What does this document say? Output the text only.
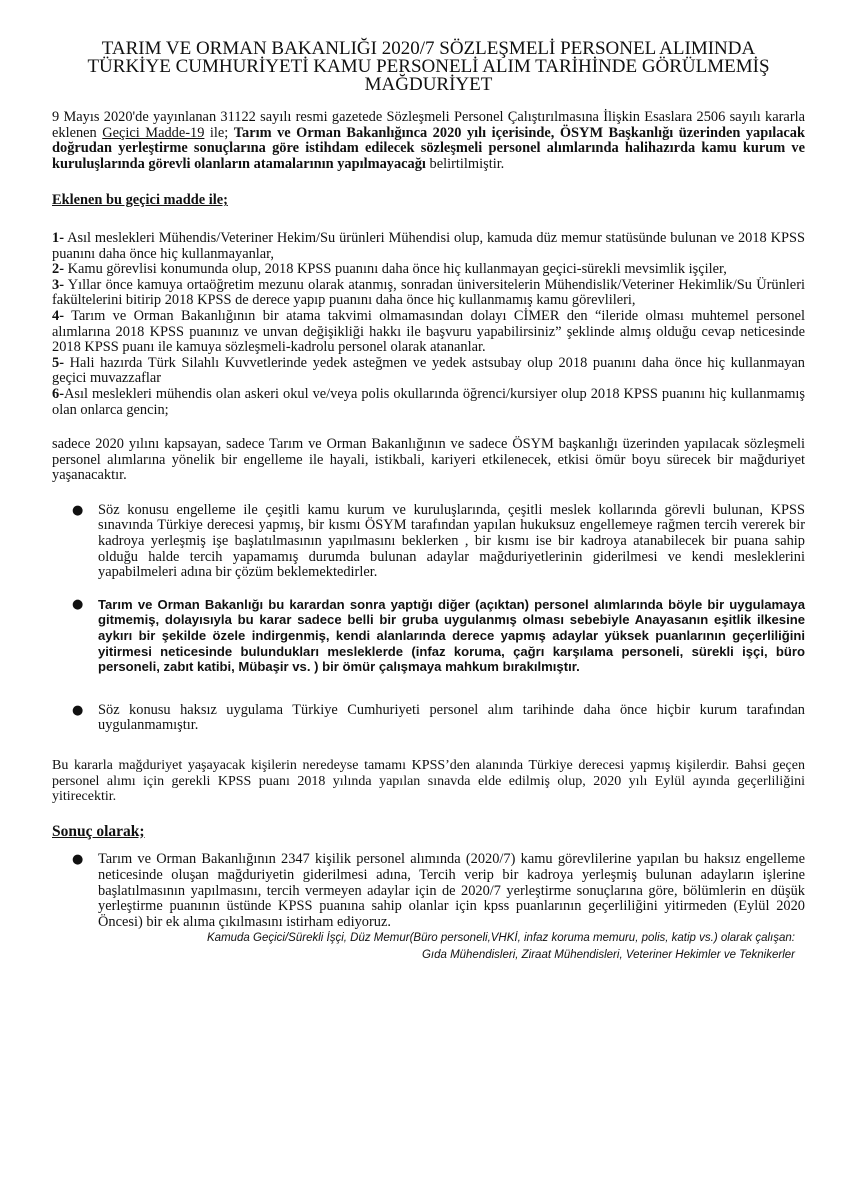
TARIM VE ORMAN BAKANLIĞI 2020/7 SÖZLEŞMELİ PERSONEL ALIMINDA
TÜRKİYE CUMHURİYETİ KAMU PERSONELİ ALIM TARİHİNDE GÖRÜLMEMİŞ
MAĞDURİYET

9 Mayıs 2020'de yayınlanan 31122 sayılı resmi gazetede Sözleşmeli Personel Çalıştırılmasına İlişkin Esaslara 2506 sayılı kararla eklenen Geçici Madde-19 ile; Tarım ve Orman Bakanlığınca 2020 yılı içerisinde, ÖSYM Başkanlığı üzerinden yapılacak doğrudan yerleştirme sonuçlarına göre istihdam edilecek sözleşmeli personel alımlarında halihazırda kamu kurum ve kuruluşlarında görevli olanların atamalarının yapılmayacağı belirtilmiştir.

Eklenen bu geçici madde ile;

1- Asıl meslekleri Mühendis/Veteriner Hekim/Su ürünleri Mühendisi olup, kamuda düz memur statüsünde bulunan ve 2018 KPSS puanını daha önce hiç kullanmayanlar,

2- Kamu görevlisi konumunda olup, 2018 KPSS puanını daha önce hiç kullanmayan geçici-sürekli mevsimlik işçiler,

3- Yıllar önce kamuya ortaöğretim mezunu olarak atanmış, sonradan üniversitelerin Mühendislik/Veteriner Hekimlik/Su Ürünleri fakültelerini bitirip 2018 KPSS de derece yapıp puanını daha önce hiç kullanmamış kamu görevlileri,

4- Tarım ve Orman Bakanlığının bir atama takvimi olmamasından dolayı CİMER den “ileride olması muhtemel personel alımlarına 2018 KPSS puanınız ve unvan değişikliği hakkı ile başvuru yapabilirsiniz” şeklinde almış olduğu cevap neticesinde 2018 KPSS puanı ile kamuya sözleşmeli-kadrolu personel olarak atananlar.

5- Hali hazırda Türk Silahlı Kuvvetlerinde yedek asteğmen ve yedek astsubay olup 2018 puanını daha önce hiç kullanmayan geçici muvazzaflar

6-Asıl meslekleri mühendis olan askeri okul ve/veya polis okullarında öğrenci/kursiyer olup 2018 KPSS puanını hiç kullanmamış olan onlarca gencin;

sadece 2020 yılını kapsayan, sadece Tarım ve Orman Bakanlığının ve sadece ÖSYM başkanlığı üzerinden yapılacak sözleşmeli personel alımlarına yönelik bir engelleme ile hayali, istikbali, kariyeri etkilenecek, etkisi ömür boyu sürecek bir mağduriyet yaşanacaktır.

● Söz konusu engelleme ile çeşitli kamu kurum ve kuruluşlarında, çeşitli meslek kollarında görevli bulunan, KPSS sınavında Türkiye derecesi yapmış, bir kısmı ÖSYM tarafından yapılan hukuksuz engellemeye rağmen tercih vererek bir kadroya yerleşmiş işe başlatılmasının yapılmasını beklerken , bir kısmı ise bir kadroya atanabilecek bir puana sahip olduğu halde tercih yapamamış durumda bulunan adaylar mağduriyetlerinin giderilmesi ve kendi mesleklerini yapabilmeleri adına bir çözüm beklemektedirler.
● Tarım ve Orman Bakanlığı bu karardan sonra yaptığı diğer (açıktan) personel alımlarında böyle bir uygulamaya gitmemiş, dolayısıyla bu karar sadece belli bir gruba uygulanmış olması sebebiyle Anayasanın eşitlik ilkesine aykırı bir şekilde özele indirgenmiş, kendi alanlarında derece yapmış adaylar yüksek puanlarının geçerliliğini yitirmesi neticesinde bulundukları mesleklerde (infaz koruma, çağrı karşılama personeli, sürekli işçi, büro personeli, zabıt katibi, Mübaşir vs. ) bir ömür çalışmaya mahkum bırakılmıştır.
● Söz konusu haksız uygulama Türkiye Cumhuriyeti personel alım tarihinde daha önce hiçbir kurum tarafından uygulanmamıştır.

Bu kararla mağduriyet yaşayacak kişilerin neredeyse tamamı KPSS’den alanında Türkiye derecesi yapmış kişilerdir. Bahsi geçen personel alımı için gerekli KPSS puanı 2018 yılında yapılan sınavda elde edilmiş olup, 2020 yılı Eylül ayında geçerliliğini yitirecektir.

Sonuç olarak;

● Tarım ve Orman Bakanlığının 2347 kişilik personel alımında (2020/7) kamu görevlilerine yapılan bu haksız engelleme neticesinde oluşan mağduriyetin giderilmesi adına, Tercih verip bir kadroya yerleşmiş bulunan adayların işlerine başlatılmasının yapılmasını, tercih vermeyen adaylar için de 2020/7 yerleştirme sonuçlarına göre, bölümlerin en düşük yerleştirme puanının üstünde KPSS puanına sahip olanlar için kpss puanlarının geçerliliğini yitirmeden (Eylül 2020 Öncesi) bir ek alıma çıkılmasını istirham ediyoruz.
Kamuda Geçici/Sürekli İşçi, Düz Memur(Büro personeli,VHKİ, infaz koruma memuru, polis, katip vs.) olarak çalışan:
Gıda Mühendisleri, Ziraat Mühendisleri, Veteriner Hekimler ve Teknikerler
